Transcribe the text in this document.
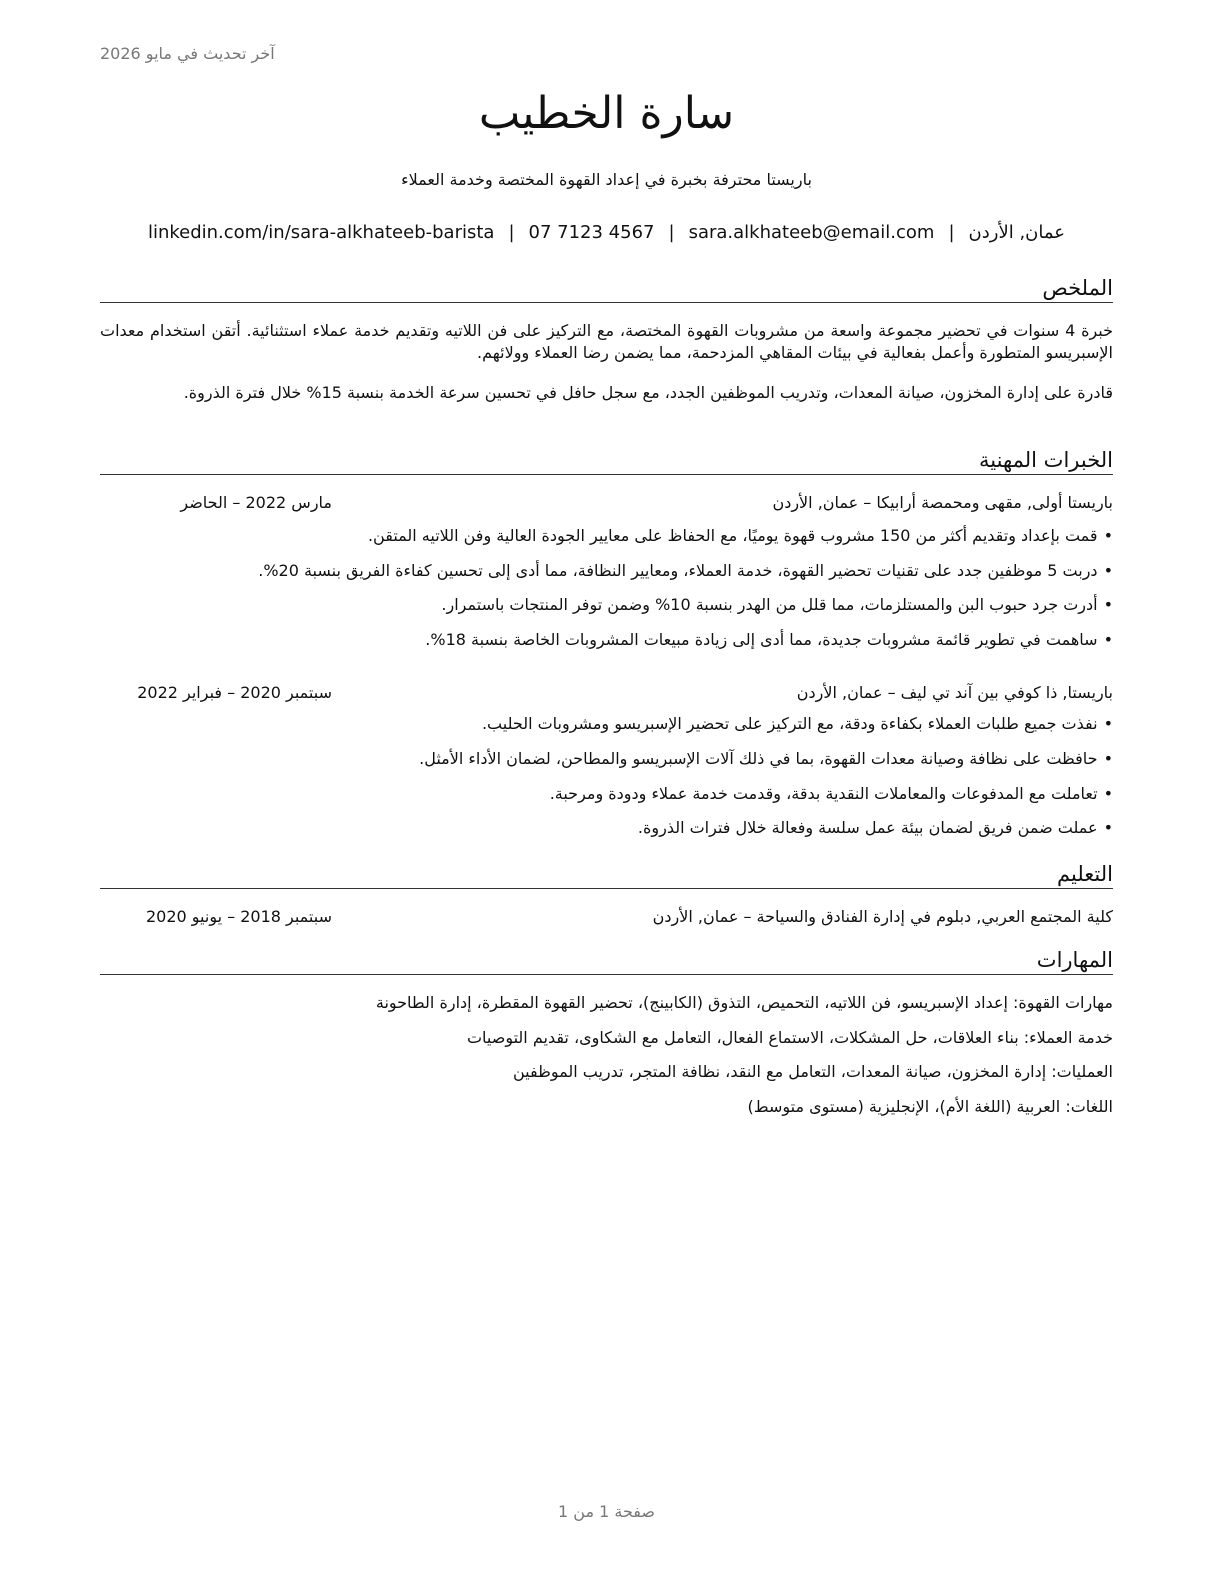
آخر تحديث في مايو 2026
سارة الخطيب
باريستا محترفة بخبرة في إعداد القهوة المختصة وخدمة العملاء
عمان, الأردن|sara.alkhateeb@email.com|07 7123 4567|linkedin.com/in/sara-alkhateeb-barista
الملخص

خبرة 4 سنوات في تحضير مجموعة واسعة من مشروبات القهوة المختصة، مع التركيز على فن اللاتيه وتقديم خدمة عملاء استثنائية. أتقن استخدام معدات الإسبريسو المتطورة وأعمل بفعالية في بيئات المقاهي المزدحمة، مما يضمن رضا العملاء وولائهم.

قادرة على إدارة المخزون، صيانة المعدات، وتدريب الموظفين الجدد، مع سجل حافل في تحسين سرعة الخدمة بنسبة 15% خلال فترة الذروة.

الخبرات المهنية
باريستا أولى, مقهى ومحمصة أرابيكا – عمان, الأردن
مارس 2022 – الحاضر
•قمت بإعداد وتقديم أكثر من 150 مشروب قهوة يوميًا، مع الحفاظ على معايير الجودة العالية وفن اللاتيه المتقن.
•دربت 5 موظفين جدد على تقنيات تحضير القهوة، خدمة العملاء، ومعايير النظافة، مما أدى إلى تحسين كفاءة الفريق بنسبة 20%.
•أدرت جرد حبوب البن والمستلزمات، مما قلل من الهدر بنسبة 10% وضمن توفر المنتجات باستمرار.
•ساهمت في تطوير قائمة مشروبات جديدة، مما أدى إلى زيادة مبيعات المشروبات الخاصة بنسبة 18%.
باريستا, ذا كوفي بين آند تي ليف – عمان, الأردن
سبتمبر 2020 – فبراير 2022
•نفذت جميع طلبات العملاء بكفاءة ودقة، مع التركيز على تحضير الإسبريسو ومشروبات الحليب.
•حافظت على نظافة وصيانة معدات القهوة، بما في ذلك آلات الإسبريسو والمطاحن، لضمان الأداء الأمثل.
•تعاملت مع المدفوعات والمعاملات النقدية بدقة، وقدمت خدمة عملاء ودودة ومرحبة.
•عملت ضمن فريق لضمان بيئة عمل سلسة وفعالة خلال فترات الذروة.
التعليم
كلية المجتمع العربي, دبلوم في إدارة الفنادق والسياحة – عمان, الأردن
سبتمبر 2018 – يونيو 2020
المهارات
مهارات القهوة: إعداد الإسبريسو، فن اللاتيه، التحميص، التذوق (الكابينج)، تحضير القهوة المقطرة، إدارة الطاحونة
خدمة العملاء: بناء العلاقات، حل المشكلات، الاستماع الفعال، التعامل مع الشكاوى، تقديم التوصيات
العمليات: إدارة المخزون، صيانة المعدات، التعامل مع النقد، نظافة المتجر، تدريب الموظفين
اللغات: العربية (اللغة الأم)، الإنجليزية (مستوى متوسط)
صفحة 1 من 1
